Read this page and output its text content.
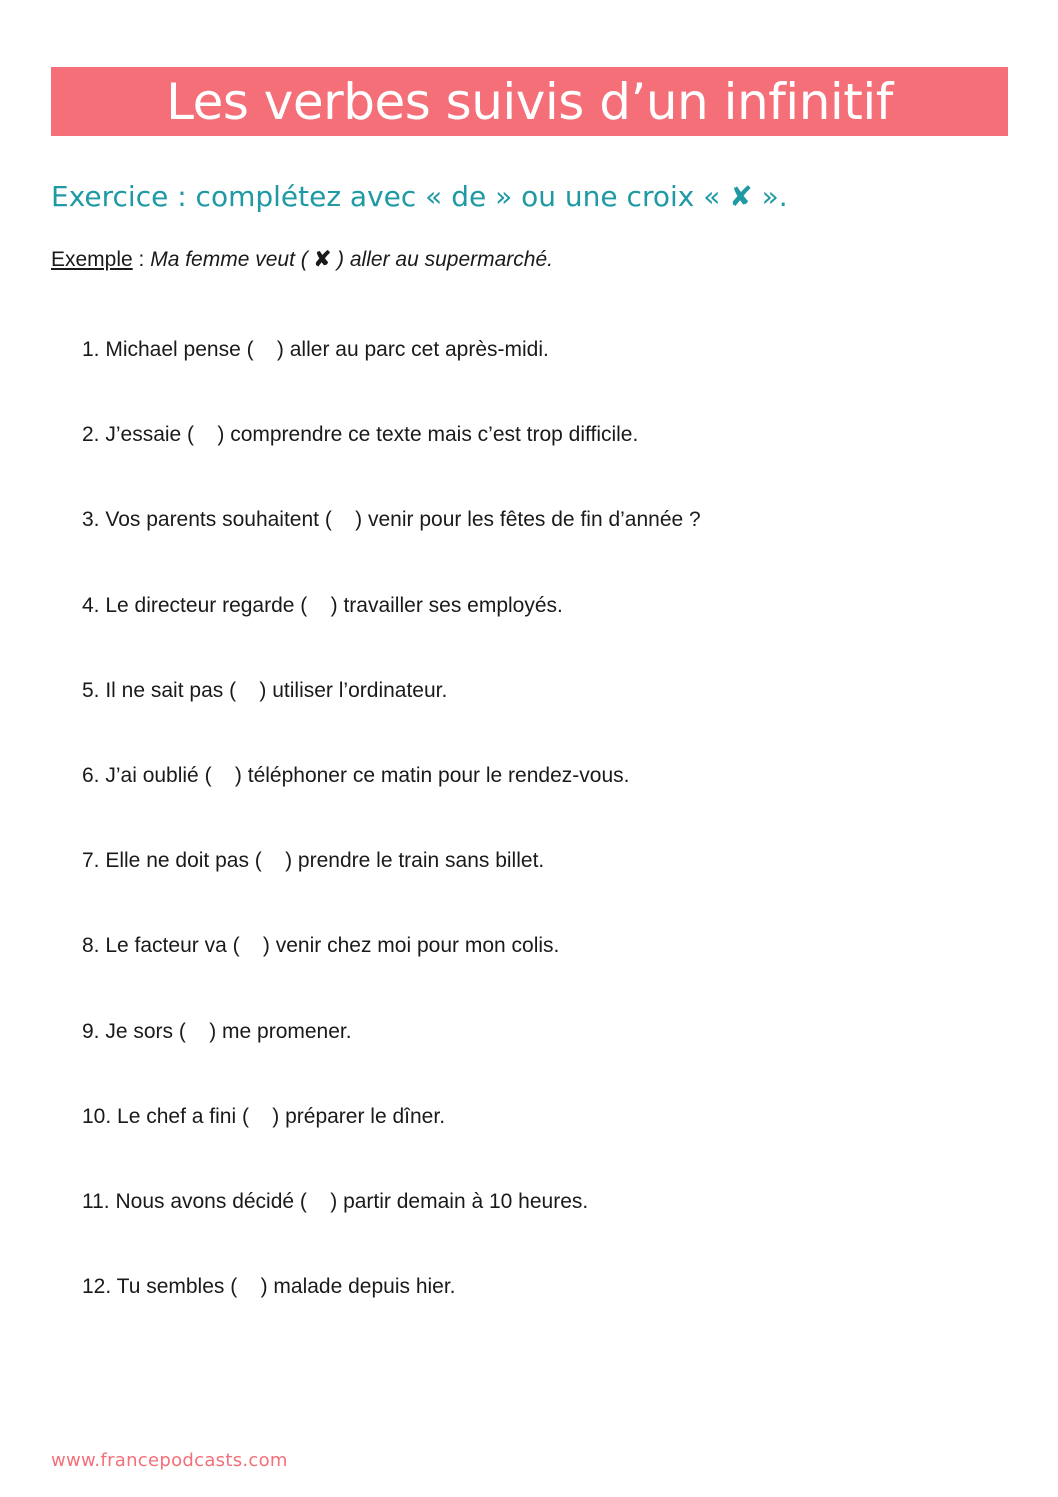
Les verbes suivis d’un infinitif
Exercice : complétez avec « de » ou une croix « ✘ ».
Exemple : Ma femme veut ( ✘ ) aller au supermarché.
1. Michael pense (    ) aller au parc cet après-midi.
2. J’essaie (    ) comprendre ce texte mais c’est trop difficile.
3. Vos parents souhaitent (    ) venir pour les fêtes de fin d’année ?
4. Le directeur regarde (    ) travailler ses employés.
5. Il ne sait pas (    ) utiliser l’ordinateur.
6. J’ai oublié (    ) téléphoner ce matin pour le rendez-vous.
7. Elle ne doit pas (    ) prendre le train sans billet.
8. Le facteur va (    ) venir chez moi pour mon colis.
9. Je sors (    ) me promener.
10. Le chef a fini (    ) préparer le dîner.
11. Nous avons décidé (    ) partir demain à 10 heures.
12. Tu sembles (    ) malade depuis hier.
www.francepodcasts.com
